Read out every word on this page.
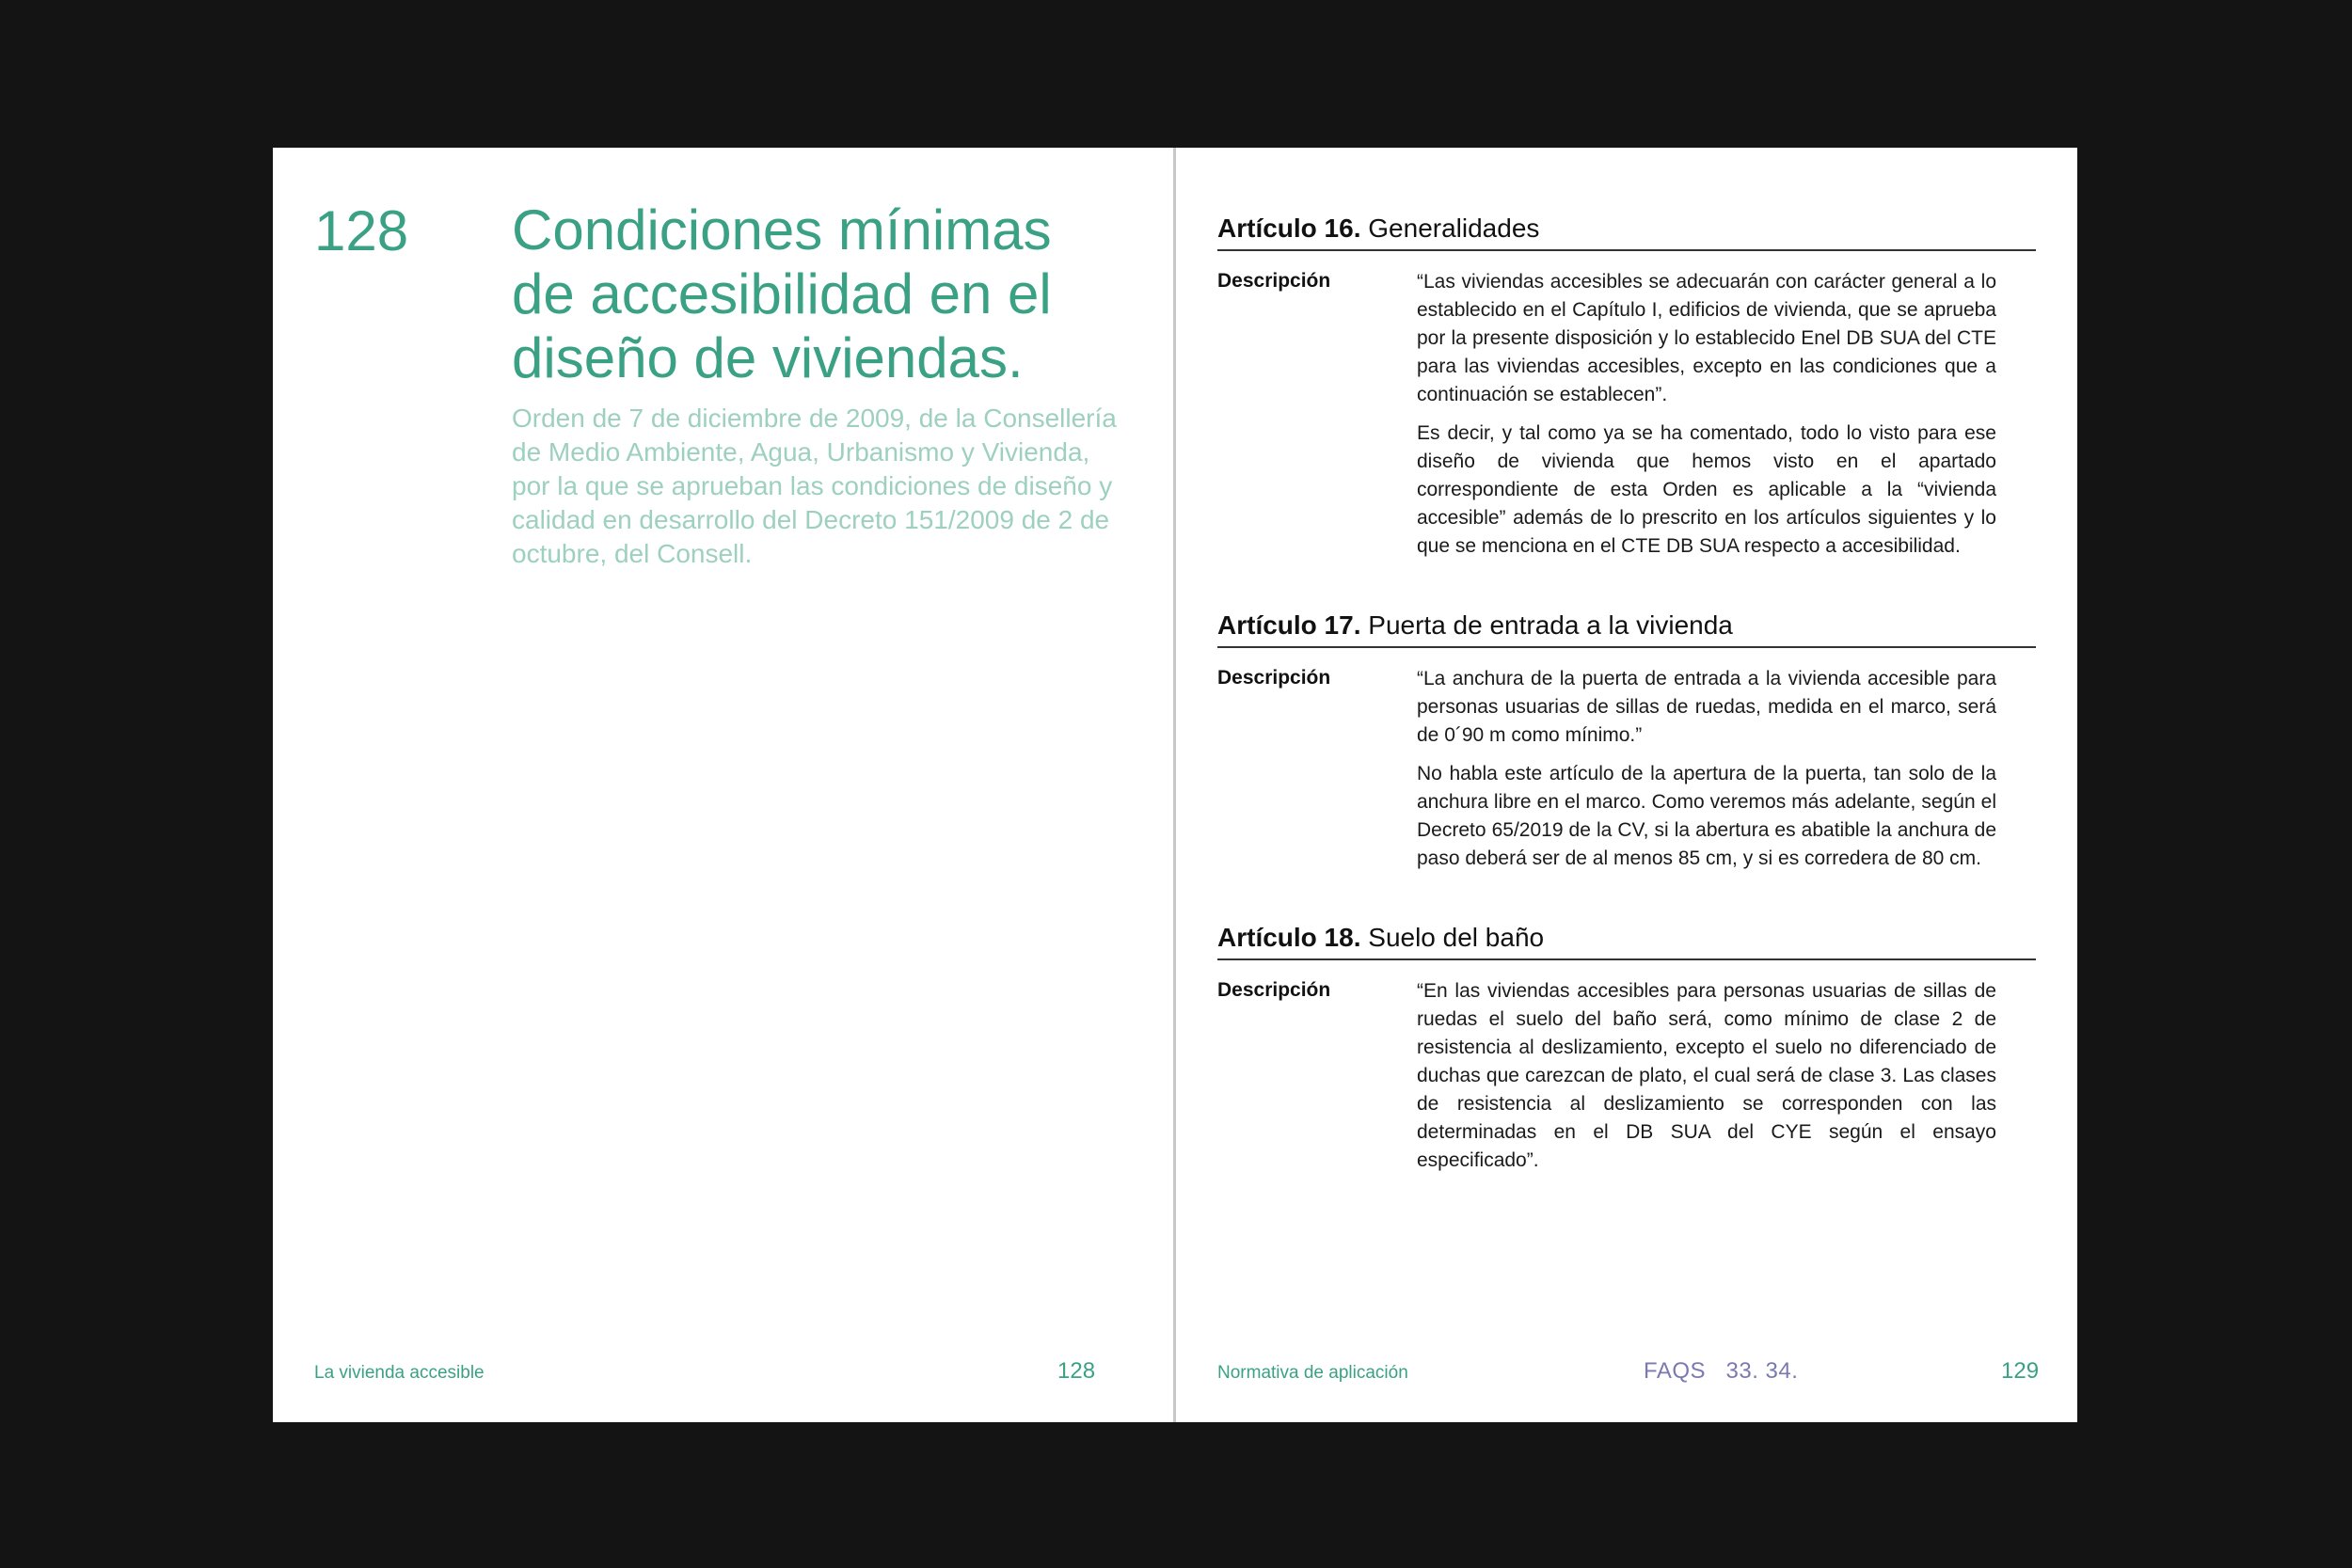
128 Condiciones mínimas de accesibilidad en el diseño de viviendas.

Orden de 7 de diciembre de 2009, de la Consellería de Medio Ambiente, Agua, Urbanismo y Vivienda, por la que se aprueban las condiciones de diseño y calidad en desarrollo del Decreto 151/2009 de 2 de octubre, del Consell.

La vivienda accesible	128
Artículo 16. Generalidades
Descripción	“Las viviendas accesibles se adecuarán con carácter general a lo establecido en el Capítulo I, edificios de vivienda, que se aprueba por la presente disposición y lo establecido Enel DB SUA del CTE para las viviendas accesibles, excepto en las condiciones que a continuación se establecen”.

Es decir, y tal como ya se ha comentado, todo lo visto para ese diseño de vivienda que hemos visto en el apartado correspondiente de esta Orden es aplicable a la “vivienda accesible” además de lo prescrito en los artículos siguientes y lo que se menciona en el CTE DB SUA respecto a accesibilidad.

Artículo 17. Puerta de entrada a la vivienda
Descripción	“La anchura de la puerta de entrada a la vivienda accesible para personas usuarias de sillas de ruedas, medida en el marco, será de 0´90 m como mínimo.”

No habla este artículo de la apertura de la puerta, tan solo de la anchura libre en el marco. Como veremos más adelante, según el Decreto 65/2019 de la CV, si la abertura es abatible la anchura de paso deberá ser de al menos 85 cm, y si es corredera de 80 cm.

Artículo 18. Suelo del baño
Descripción	“En las viviendas accesibles para personas usuarias de sillas de ruedas el suelo del baño será, como mínimo de clase 2 de resistencia al deslizamiento, excepto el suelo no diferenciado de duchas que carezcan de plato, el cual será de clase 3. Las clases de resistencia al deslizamiento se corresponden con las determinadas en el DB SUA del CYE según el ensayo especificado”.

Normativa de aplicación	FAQS   33. 34.	129
